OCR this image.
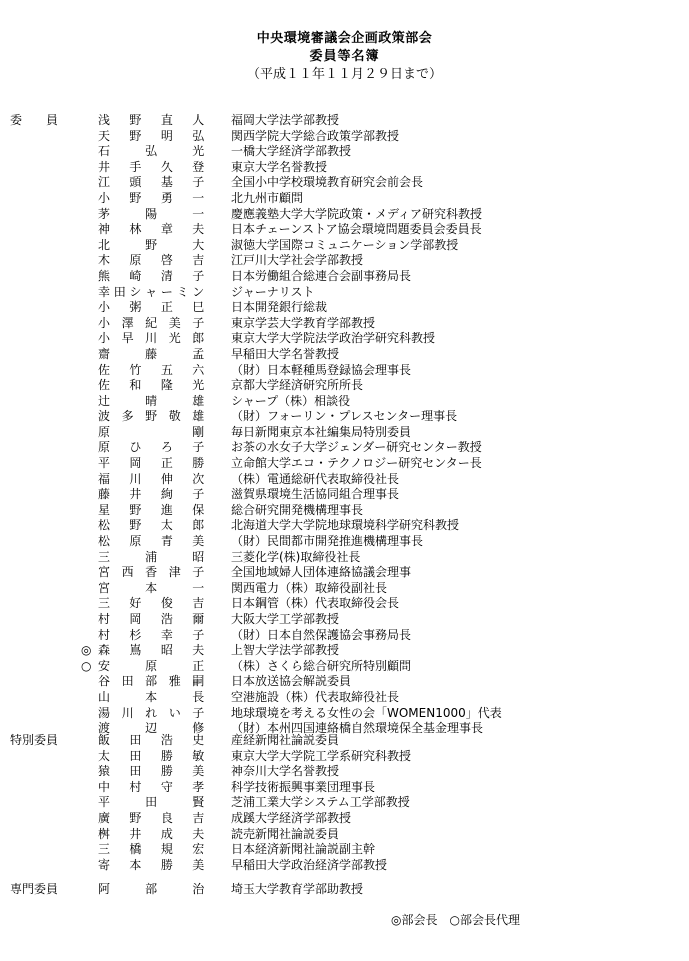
中央環境審議会企画政策部会
委員等名簿
（平成１１年１１月２９日まで）
委　　員	浅 野 直 人 福岡大学法学部教授
天 野 明 弘 関西学院大学総合政策学部教授
石 弘 光 一橋大学経済学部教授
井 手 久 登 東京大学名誉教授
江 頭 基 子 全国小中学校環境教育研究会前会長
小 野 勇 一 北九州市顧問
茅 陽 一 慶應義塾大学大学院政策・メディア研究科教授
神 林 章 夫 日本チェーンストア協会環境問題委員会委員長
北 野 大 淑徳大学国際コミュニケーション学部教授
木 原 啓 吉 江戸川大学社会学部教授
熊 崎 清 子 日本労働組合総連合会副事務局長
幸 田 シ ャ ー ミ ン ジャーナリスト
小 粥 正 巳 日本開発銀行総裁
小 澤 紀 美 子 東京学芸大学教育学部教授
小 早 川 光 郎 東京大学大学院法学政治学研究科教授
齋 藤 孟 早稲田大学名誉教授
佐 竹 五 六 （財）日本軽種馬登録協会理事長
佐 和 隆 光 京都大学経済研究所所長
辻 晴 雄 シャープ（株）相談役
波 多 野 敬 雄 （財）フォーリン・プレスセンター理事長
原 剛 毎日新聞東京本社編集局特別委員
原 ひ ろ 子 お茶の水女子大学ジェンダー研究センター教授
平 岡 正 勝 立命館大学エコ・テクノロジー研究センター長
福 川 伸 次 （株）電通総研代表取締役社長
藤 井 絢 子 滋賀県環境生活協同組合理事長
星 野 進 保 総合研究開発機構理事長
松 野 太 郎 北海道大学大学院地球環境科学研究科教授
松 原 青 美 （財）民間都市開発推進機構理事長
三 浦 昭 三菱化学(株)取締役社長
宮 西 香 津 子 全国地域婦人団体連絡協議会理事
宮 本 一 関西電力（株）取締役副社長
三 好 俊 吉 日本鋼管（株）代表取締役会長
村 岡 浩 爾 大阪大学工学部教授
村 杉 幸 子 （財）日本自然保護協会事務局長
◎ 森 嶌 昭 夫 上智大学法学部教授
○ 安 原 正 （株）さくら総合研究所特別顧問
谷 田 部 雅 嗣 日本放送協会解説委員
山 本 長 空港施設（株）代表取締役社長
湯 川 れ い 子 地球環境を考える女性の会「WOMEN1000」代表
渡 辺 修 （財）本州四国連絡橋自然環境保全基金理事長
特別委員	飯 田 浩 史 産経新聞社論説委員
太 田 勝 敏 東京大学大学院工学系研究科教授
猿 田 勝 美 神奈川大学名誉教授
中 村 守 孝 科学技術振興事業団理事長
平 田 賢 芝浦工業大学システム工学部教授
廣 野 良 吉 成蹊大学経済学部教授
桝 井 成 夫 読売新聞社論説委員
三 橋 規 宏 日本経済新聞社論説副主幹
寄 本 勝 美 早稲田大学政治経済学部教授
専門委員	阿 部 治 埼玉大学教育学部助教授
◎部会長 ○部会長代理
